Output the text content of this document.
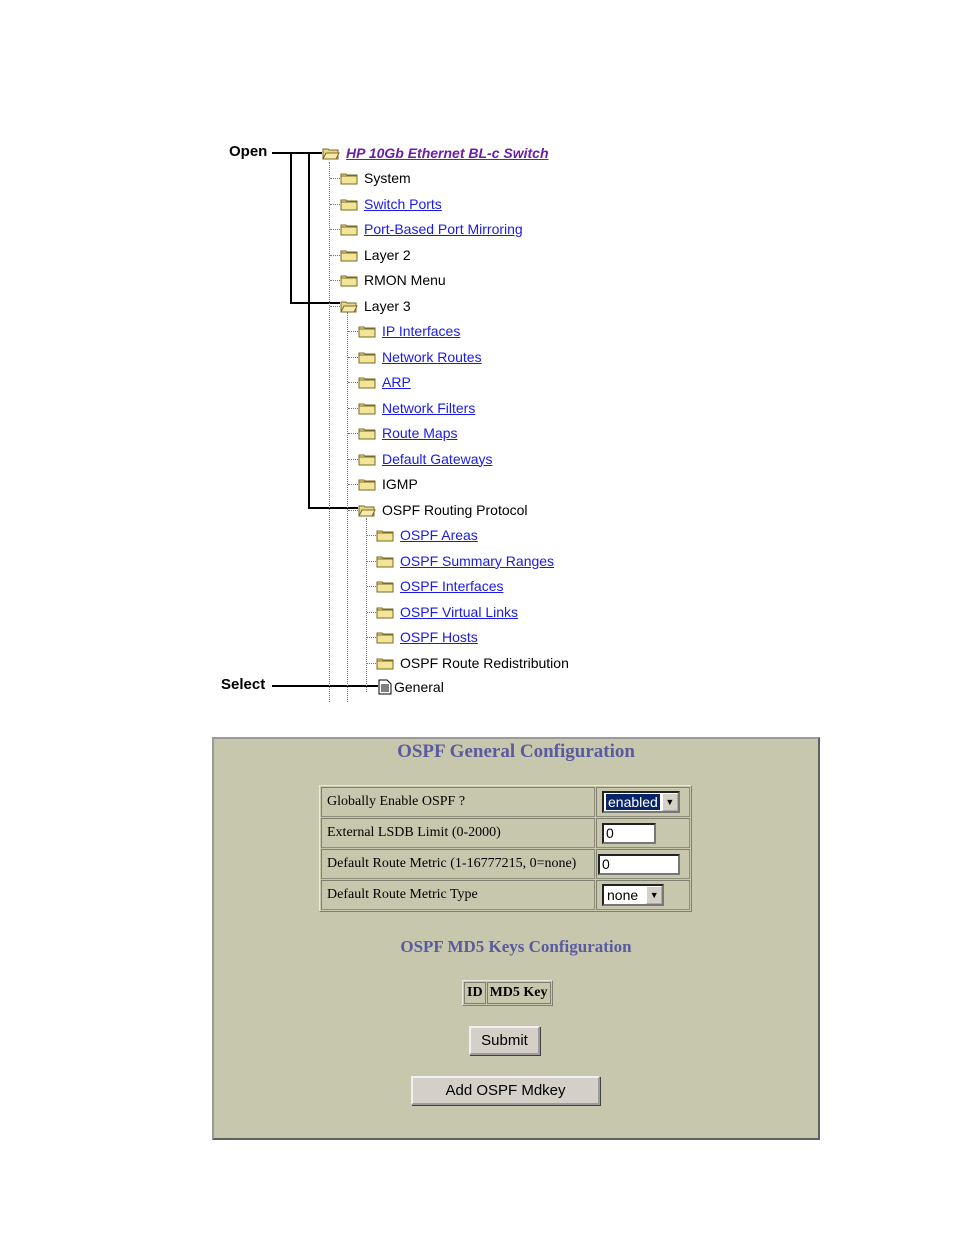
Open
Select
HP 10Gb Ethernet BL-c Switch
System
Switch Ports
Port-Based Port Mirroring
Layer 2
RMON Menu
Layer 3
IP Interfaces
Network Routes
ARP
Network Filters
Route Maps
Default Gateways
IGMP
OSPF Routing Protocol
OSPF Areas
OSPF Summary Ranges
OSPF Interfaces
OSPF Virtual Links
OSPF Hosts
OSPF Route Redistribution
General
OSPF General Configuration
Globally Enable OSPF ?	enabled ▼

External LSDB Limit (0-2000)	0
Default Route Metric (1-16777215, 0=none)	0
Default Route Metric Type	none ▼
OSPF MD5 Keys Configuration
ID	MD5 Key
Submit
Add OSPF Mdkey
